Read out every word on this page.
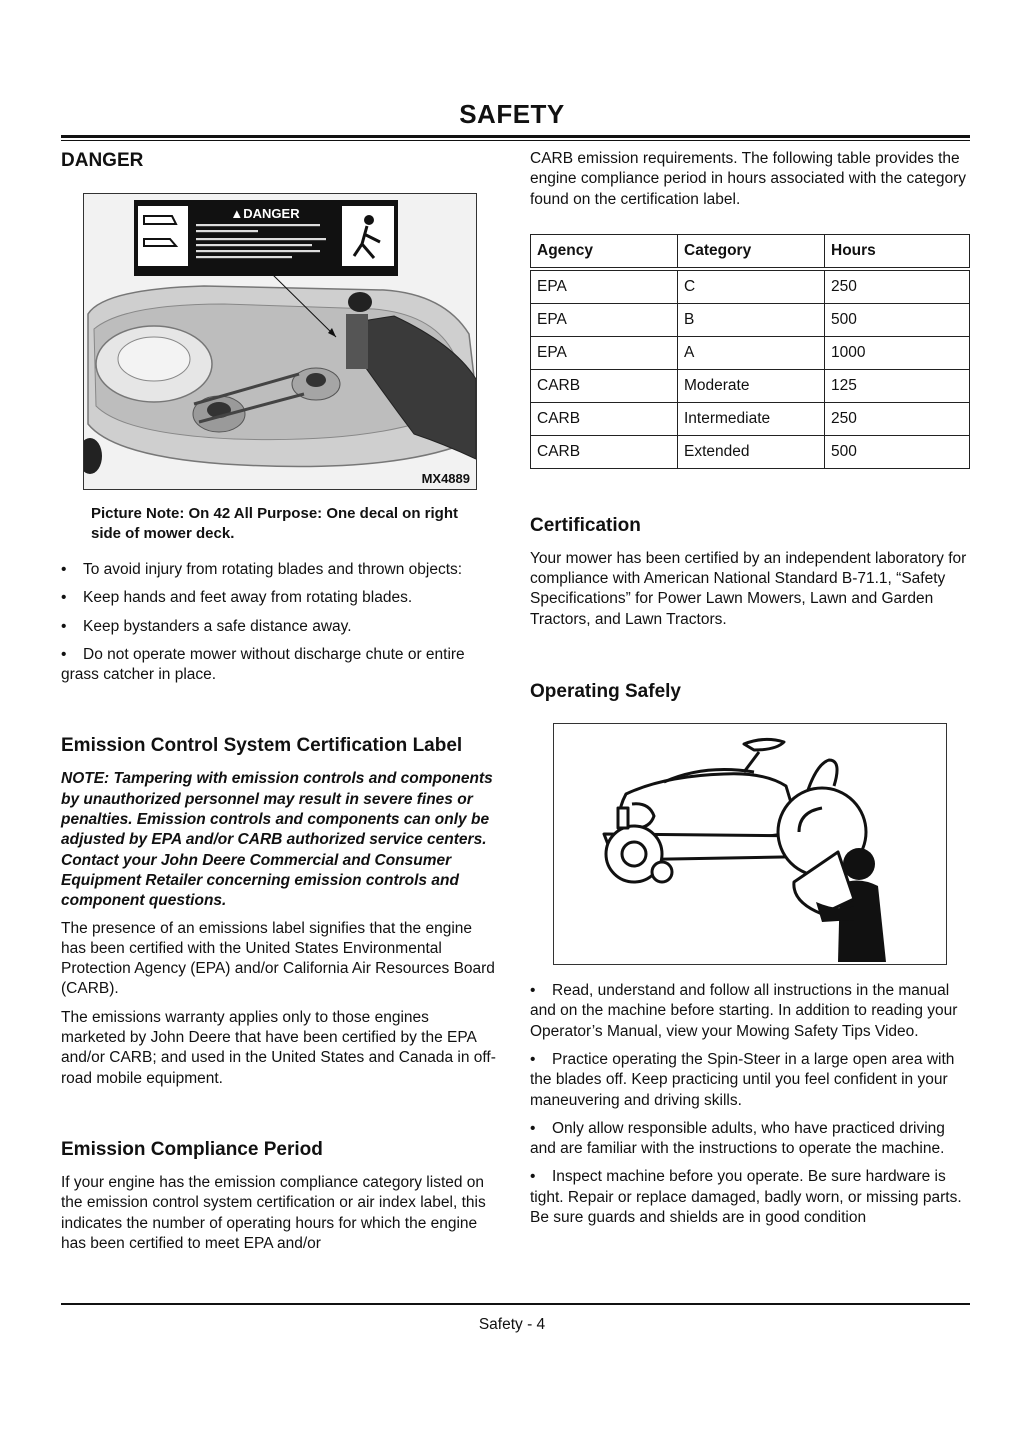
SAFETY
DANGER
▲DANGER
MX4889

Picture Note: On 42 All Purpose: One decal on right side of mower deck.

• To avoid injury from rotating blades and thrown objects:

• Keep hands and feet away from rotating blades.

• Keep bystanders a safe distance away.

• Do not operate mower without discharge chute or entire grass catcher in place.

Emission Control System Certification Label

NOTE: Tampering with emission controls and components by unauthorized personnel may result in severe fines or penalties. Emission controls and components can only be adjusted by EPA and/or CARB authorized service centers. Contact your John Deere Commercial and Consumer Equipment Retailer concerning emission controls and component questions.

The presence of an emissions label signifies that the engine has been certified with the United States Environmental Protection Agency (EPA) and/or California Air Resources Board (CARB).

The emissions warranty applies only to those engines marketed by John Deere that have been certified by the EPA and/or CARB; and used in the United States and Canada in off-road mobile equipment.

Emission Compliance Period

If your engine has the emission compliance category listed on the emission control system certification or air index label, this indicates the number of operating hours for which the engine has been certified to meet EPA and/or

CARB emission requirements. The following table provides the engine compliance period in hours associated with the category found on the certification label.

Agency	Category	Hours
EPA	C	250
EPA	B	500
EPA	A	1000
CARB	Moderate	125
CARB	Intermediate	250
CARB	Extended	500
Certification

Your mower has been certified by an independent laboratory for compliance with American National Standard B-71.1, “Safety Specifications” for Power Lawn Mowers, Lawn and Garden Tractors, and Lawn Tractors.

Operating Safely

• Read, understand and follow all instructions in the manual and on the machine before starting. In addition to reading your Operator’s Manual, view your Mowing Safety Tips Video.

• Practice operating the Spin-Steer in a large open area with the blades off. Keep practicing until you feel confident in your maneuvering and driving skills.

• Only allow responsible adults, who have practiced driving and are familiar with the instructions to operate the machine.

• Inspect machine before you operate. Be sure hardware is tight. Repair or replace damaged, badly worn, or missing parts. Be sure guards and shields are in good condition

Safety - 4
